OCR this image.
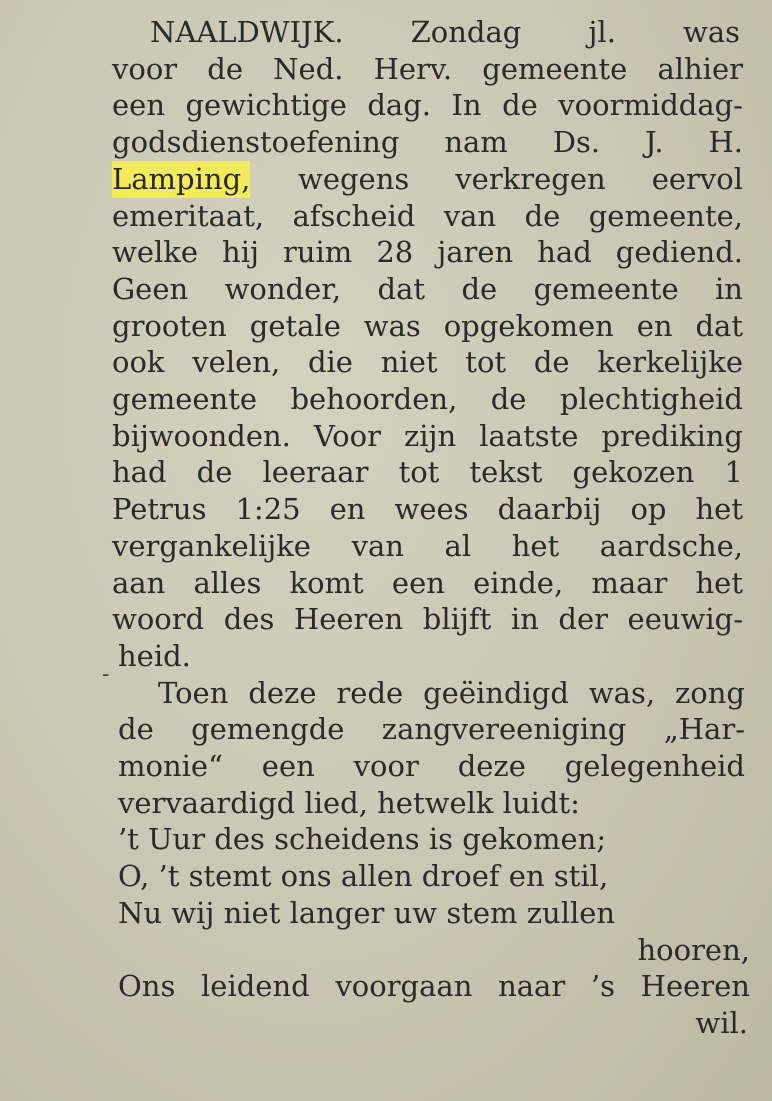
NAALDWIJK. Zondag jl. was
voor de Ned. Herv. gemeente alhier
een gewichtige dag. In de voormiddag-
godsdienstoefening nam Ds. J. H.
Lamping, wegens verkregen eervol
emeritaat, afscheid van de gemeente,
welke hij ruim 28 jaren had gediend.
Geen wonder, dat de gemeente in
grooten getale was opgekomen en dat
ook velen, die niet tot de kerkelijke
gemeente behoorden, de plechtigheid
bijwoonden. Voor zijn laatste prediking
had de leeraar tot tekst gekozen 1
Petrus 1:25 en wees daarbij op het
vergankelijke van al het aardsche,
aan alles komt een einde, maar het
woord des Heeren blijft in der eeuwig-
heid.
Toen deze rede geëindigd was, zong
de gemengde zangvereeniging „Har-
monie“ een voor deze gelegenheid
vervaardigd lied, hetwelk luidt:
’t Uur des scheidens is gekomen;
O, ’t stemt ons allen droef en stil,
Nu wij niet langer uw stem zullen
hooren,
Ons leidend voorgaan naar ’s Heeren
wil.
-
